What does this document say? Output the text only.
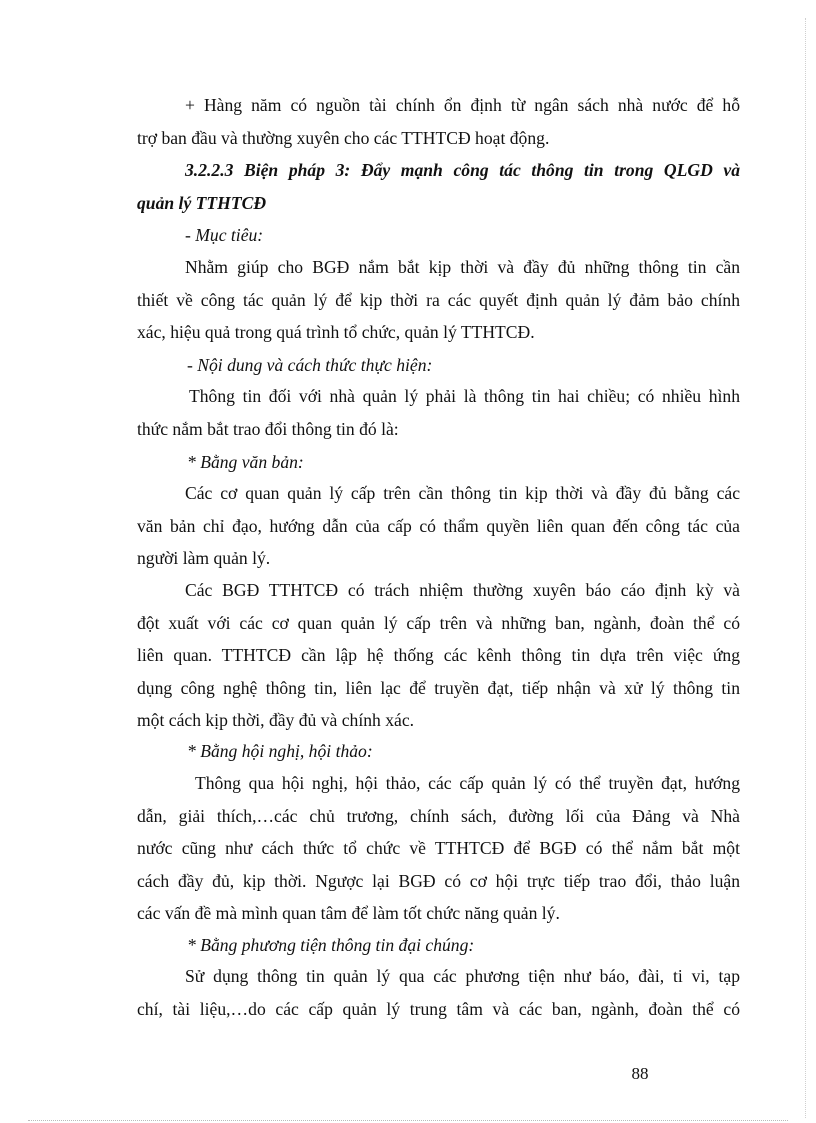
+ Hàng năm có nguồn tài chính ổn định từ ngân sách nhà nước để hỗ
trợ ban đầu và thường xuyên cho các TTHTCĐ hoạt động.

3.2.2.3 Biện pháp 3: Đẩy mạnh công tác thông tin trong QLGD và
quản lý TTHTCĐ

- Mục tiêu:

Nhằm giúp cho BGĐ nắm bắt kịp thời và đầy đủ những thông tin cần
thiết về công tác quản lý để kịp thời ra các quyết định quản lý đảm bảo chính
xác, hiệu quả trong quá trình tổ chức, quản lý TTHTCĐ.

- Nội dung và cách thức thực hiện:

Thông tin đối với nhà quản lý phải là thông tin hai chiều; có nhiều hình
thức nắm bắt trao đổi thông tin đó là:

* Bằng văn bản:

Các cơ quan quản lý cấp trên cần thông tin kịp thời và đầy đủ bằng các
văn bản chỉ đạo, hướng dẫn của cấp có thẩm quyền liên quan đến công tác của
người làm quản lý.

Các BGĐ TTHTCĐ có trách nhiệm thường xuyên báo cáo định kỳ và
đột xuất với các cơ quan quản lý cấp trên và những ban, ngành, đoàn thể có
liên quan. TTHTCĐ cần lập hệ thống các kênh thông tin dựa trên việc ứng
dụng công nghệ thông tin, liên lạc để truyền đạt, tiếp nhận và xử lý thông tin
một cách kịp thời, đầy đủ và chính xác.

* Bằng hội nghị, hội thảo:

Thông qua hội nghị, hội thảo, các cấp quản lý có thể truyền đạt, hướng
dẫn, giải thích,…các chủ trương, chính sách, đường lối của Đảng và Nhà
nước cũng như cách thức tổ chức về TTHTCĐ để BGĐ có thể nắm bắt một
cách đầy đủ, kịp thời. Ngược lại BGĐ có cơ hội trực tiếp trao đổi, thảo luận
các vấn đề mà mình quan tâm để làm tốt chức năng quản lý.

* Bằng phương tiện thông tin đại chúng:

Sử dụng thông tin quản lý qua các phương tiện như báo, đài, ti vi, tạp
chí, tài liệu,…do các cấp quản lý trung tâm và các ban, ngành, đoàn thể có

88
